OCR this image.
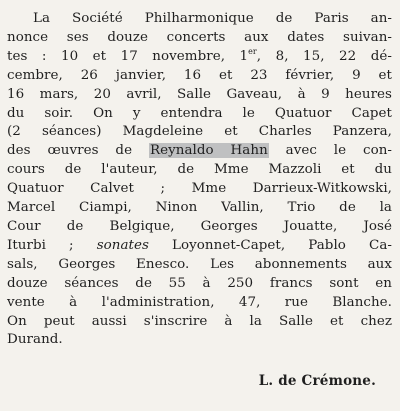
La Société Philharmonique de Paris an-
nonce ses douze concerts aux dates suivan-
tes : 10 et 17 novembre, 1er, 8, 15, 22 dé-
cembre, 26 janvier, 16 et 23 février, 9 et
16 mars, 20 avril, Salle Gaveau, à 9 heures
du soir. On y entendra le Quatuor Capet
(2 séances) Magdeleine et Charles Panzera,
des œuvres de Reynaldo Hahn avec le con-
cours de l'auteur, de Mme Mazzoli et du
Quatuor Calvet ; Mme Darrieux-Witkowski,
Marcel Ciampi, Ninon Vallin, Trio de la
Cour de Belgique, Georges Jouatte, José
Iturbi ; sonates Loyonnet-Capet, Pablo Ca-
sals, Georges Enesco. Les abonnements aux
douze séances de 55 à 250 francs sont en
vente à l'administration, 47, rue Blanche.
On peut aussi s'inscrire à la Salle et chez
Durand.

L. de Crémone.
